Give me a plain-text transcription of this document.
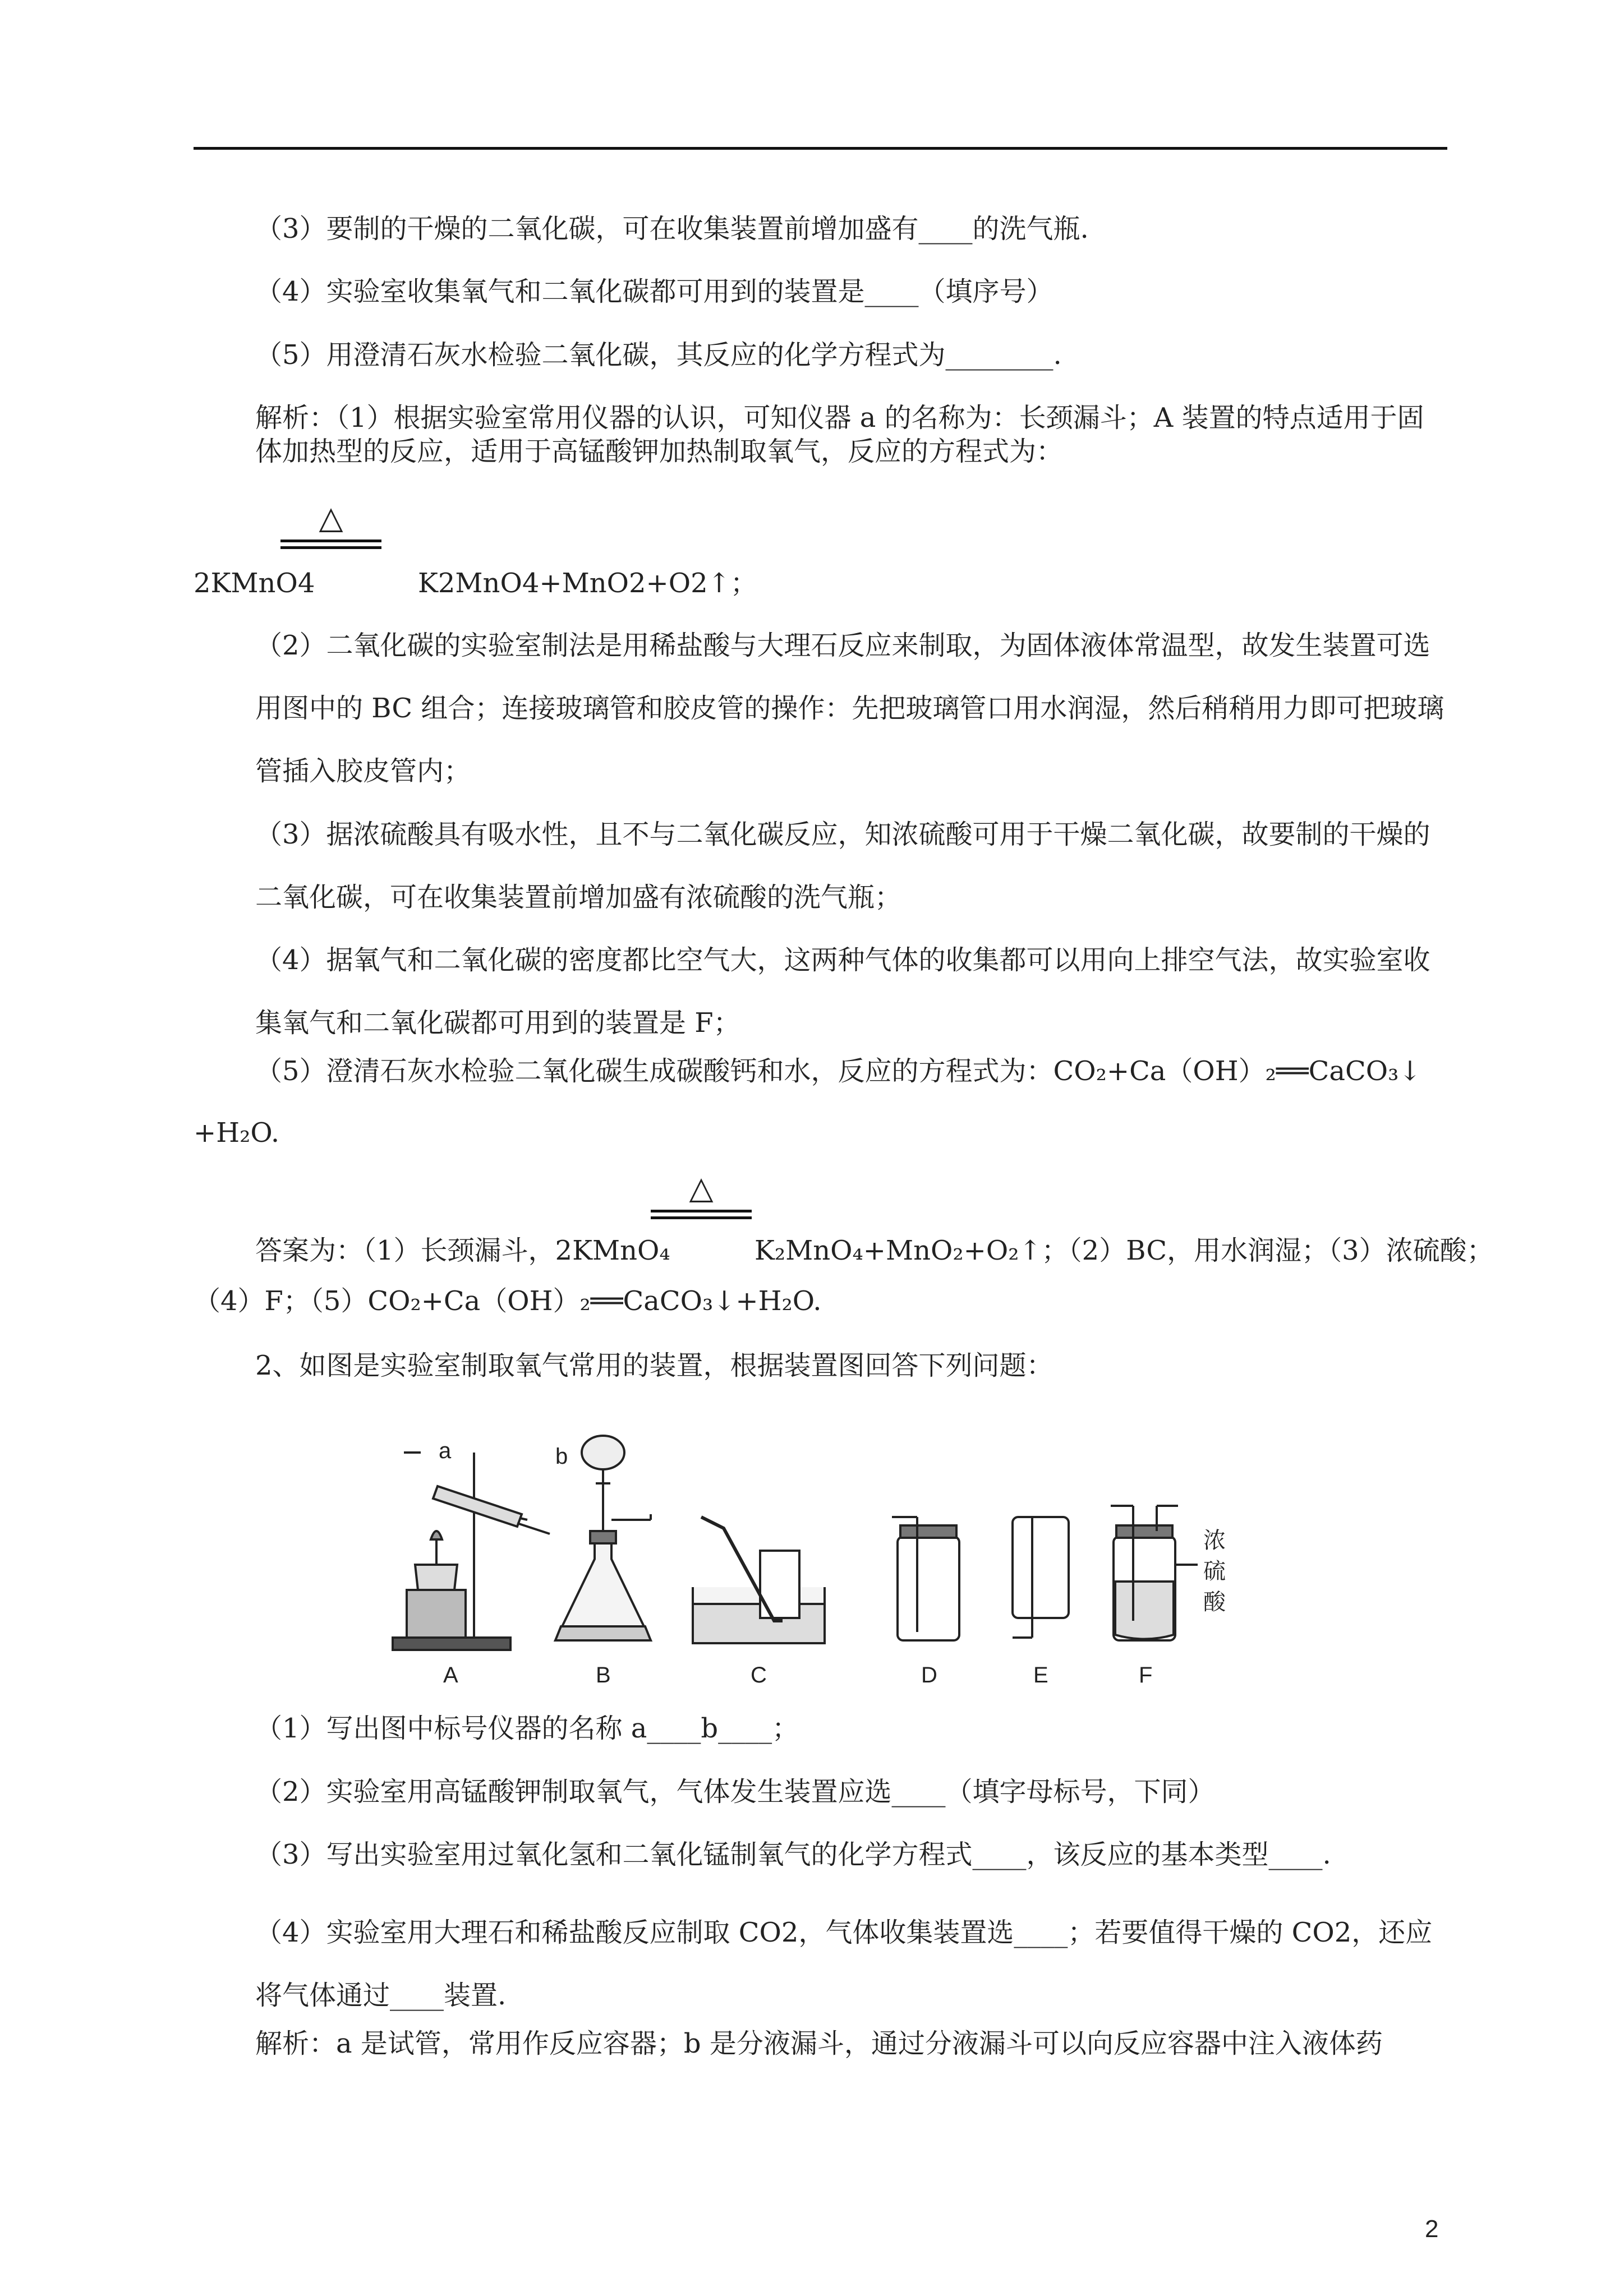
（3）要制的干燥的二氧化碳，可在收集装置前增加盛有____的洗气瓶.
（4）实验室收集氧气和二氧化碳都可用到的装置是____（填序号）
（5）用澄清石灰水检验二氧化碳，其反应的化学方程式为________.
解析：（1）根据实验室常用仪器的认识，可知仪器 a 的名称为：长颈漏斗；A 装置的特点适用于固体加热型的反应，适用于高锰酸钾加热制取氧气，反应的方程式为：
△
2KMnO4	K2MnO4+MnO2+O2↑；
（2）二氧化碳的实验室制法是用稀盐酸与大理石反应来制取，为固体液体常温型，故发生装置可选用图中的 BC 组合；连接玻璃管和胶皮管的操作：先把玻璃管口用水润湿，然后稍稍用力即可把玻璃管插入胶皮管内；
（3）据浓硫酸具有吸水性，且不与二氧化碳反应，知浓硫酸可用于干燥二氧化碳，故要制的干燥的二氧化碳，可在收集装置前增加盛有浓硫酸的洗气瓶；
（4）据氧气和二氧化碳的密度都比空气大，这两种气体的收集都可以用向上排空气法，故实验室收集氧气和二氧化碳都可用到的装置是 F；
（5）澄清石灰水检验二氧化碳生成碳酸钙和水，反应的方程式为：CO₂+Ca（OH）₂══CaCO₃↓
+H₂O.
△
答案为：（1）长颈漏斗，2KMnO₄	K₂MnO₄+MnO₂+O₂↑；（2）BC，用水润湿；（3）浓硫酸；
（4）F；（5）CO₂+Ca（OH）₂══CaCO₃↓+H₂O.
2、如图是实验室制取氧气常用的装置，根据装置图回答下列问题：
A	B	C	D	E	F
a	b
浓
硫
酸
（1）写出图中标号仪器的名称 a____b____；
（2）实验室用高锰酸钾制取氧气，气体发生装置应选____（填字母标号，下同）
（3）写出实验室用过氧化氢和二氧化锰制氧气的化学方程式____，该反应的基本类型____.
（4）实验室用大理石和稀盐酸反应制取 CO2，气体收集装置选____；若要值得干燥的 CO2，还应将气体通过____装置.
解析：a 是试管，常用作反应容器；b 是分液漏斗，通过分液漏斗可以向反应容器中注入液体药
2
